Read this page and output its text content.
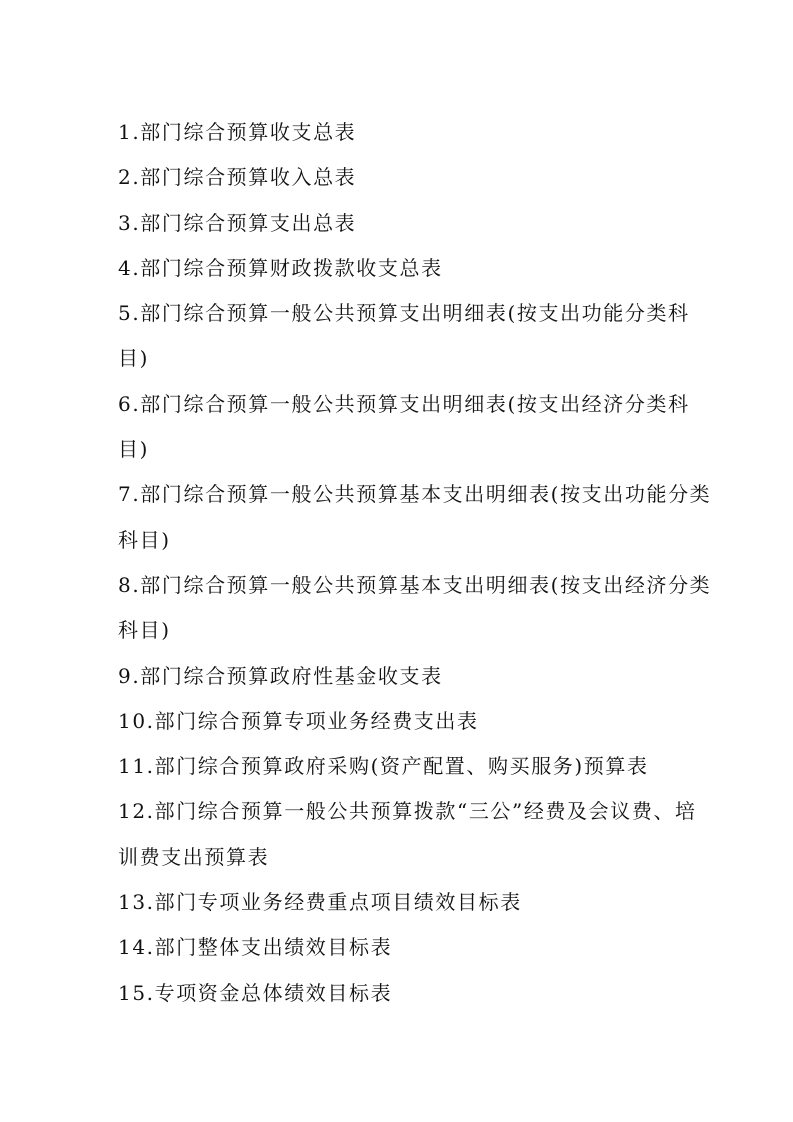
1.部门综合预算收支总表
2.部门综合预算收入总表
3.部门综合预算支出总表
4.部门综合预算财政拨款收支总表
5.部门综合预算一般公共预算支出明细表(按支出功能分类科目)
6.部门综合预算一般公共预算支出明细表(按支出经济分类科目)
7.部门综合预算一般公共预算基本支出明细表(按支出功能分类科目)
8.部门综合预算一般公共预算基本支出明细表(按支出经济分类科目)
9.部门综合预算政府性基金收支表
10.部门综合预算专项业务经费支出表
11.部门综合预算政府采购(资产配置、购买服务)预算表
12.部门综合预算一般公共预算拨款“三公”经费及会议费、培训费支出预算表
13.部门专项业务经费重点项目绩效目标表
14.部门整体支出绩效目标表
15.专项资金总体绩效目标表
